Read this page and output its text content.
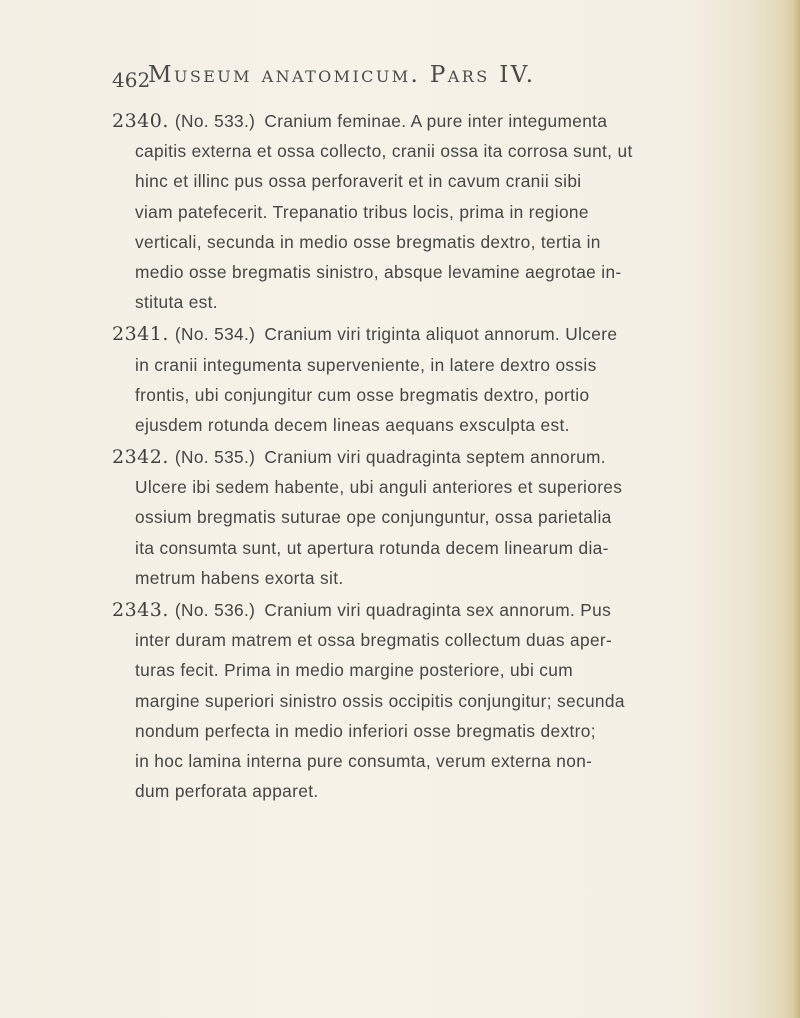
462
Museum anatomicum. Pars IV.
2340. (No. 533.) Cranium feminae. A pure inter integumenta
capitis externa et ossa collecto, cranii ossa ita corrosa sunt, ut
hinc et illinc pus ossa perforaverit et in cavum cranii sibi
viam patefecerit. Trepanatio tribus locis, prima in regione
verticali, secunda in medio osse bregmatis dextro, tertia in
medio osse bregmatis sinistro, absque levamine aegrotae in-
stituta est.
2341. (No. 534.) Cranium viri triginta aliquot annorum. Ulcere
in cranii integumenta superveniente, in latere dextro ossis
frontis, ubi conjungitur cum osse bregmatis dextro, portio
ejusdem rotunda decem lineas aequans exsculpta est.
2342. (No. 535.) Cranium viri quadraginta septem annorum.
Ulcere ibi sedem habente, ubi anguli anteriores et superiores
ossium bregmatis suturae ope conjunguntur, ossa parietalia
ita consumta sunt, ut apertura rotunda decem linearum dia-
metrum habens exorta sit.
2343. (No. 536.) Cranium viri quadraginta sex annorum. Pus
inter duram matrem et ossa bregmatis collectum duas aper-
turas fecit. Prima in medio margine posteriore, ubi cum
margine superiori sinistro ossis occipitis conjungitur; secunda
nondum perfecta in medio inferiori osse bregmatis dextro;
in hoc lamina interna pure consumta, verum externa non-
dum perforata apparet.
